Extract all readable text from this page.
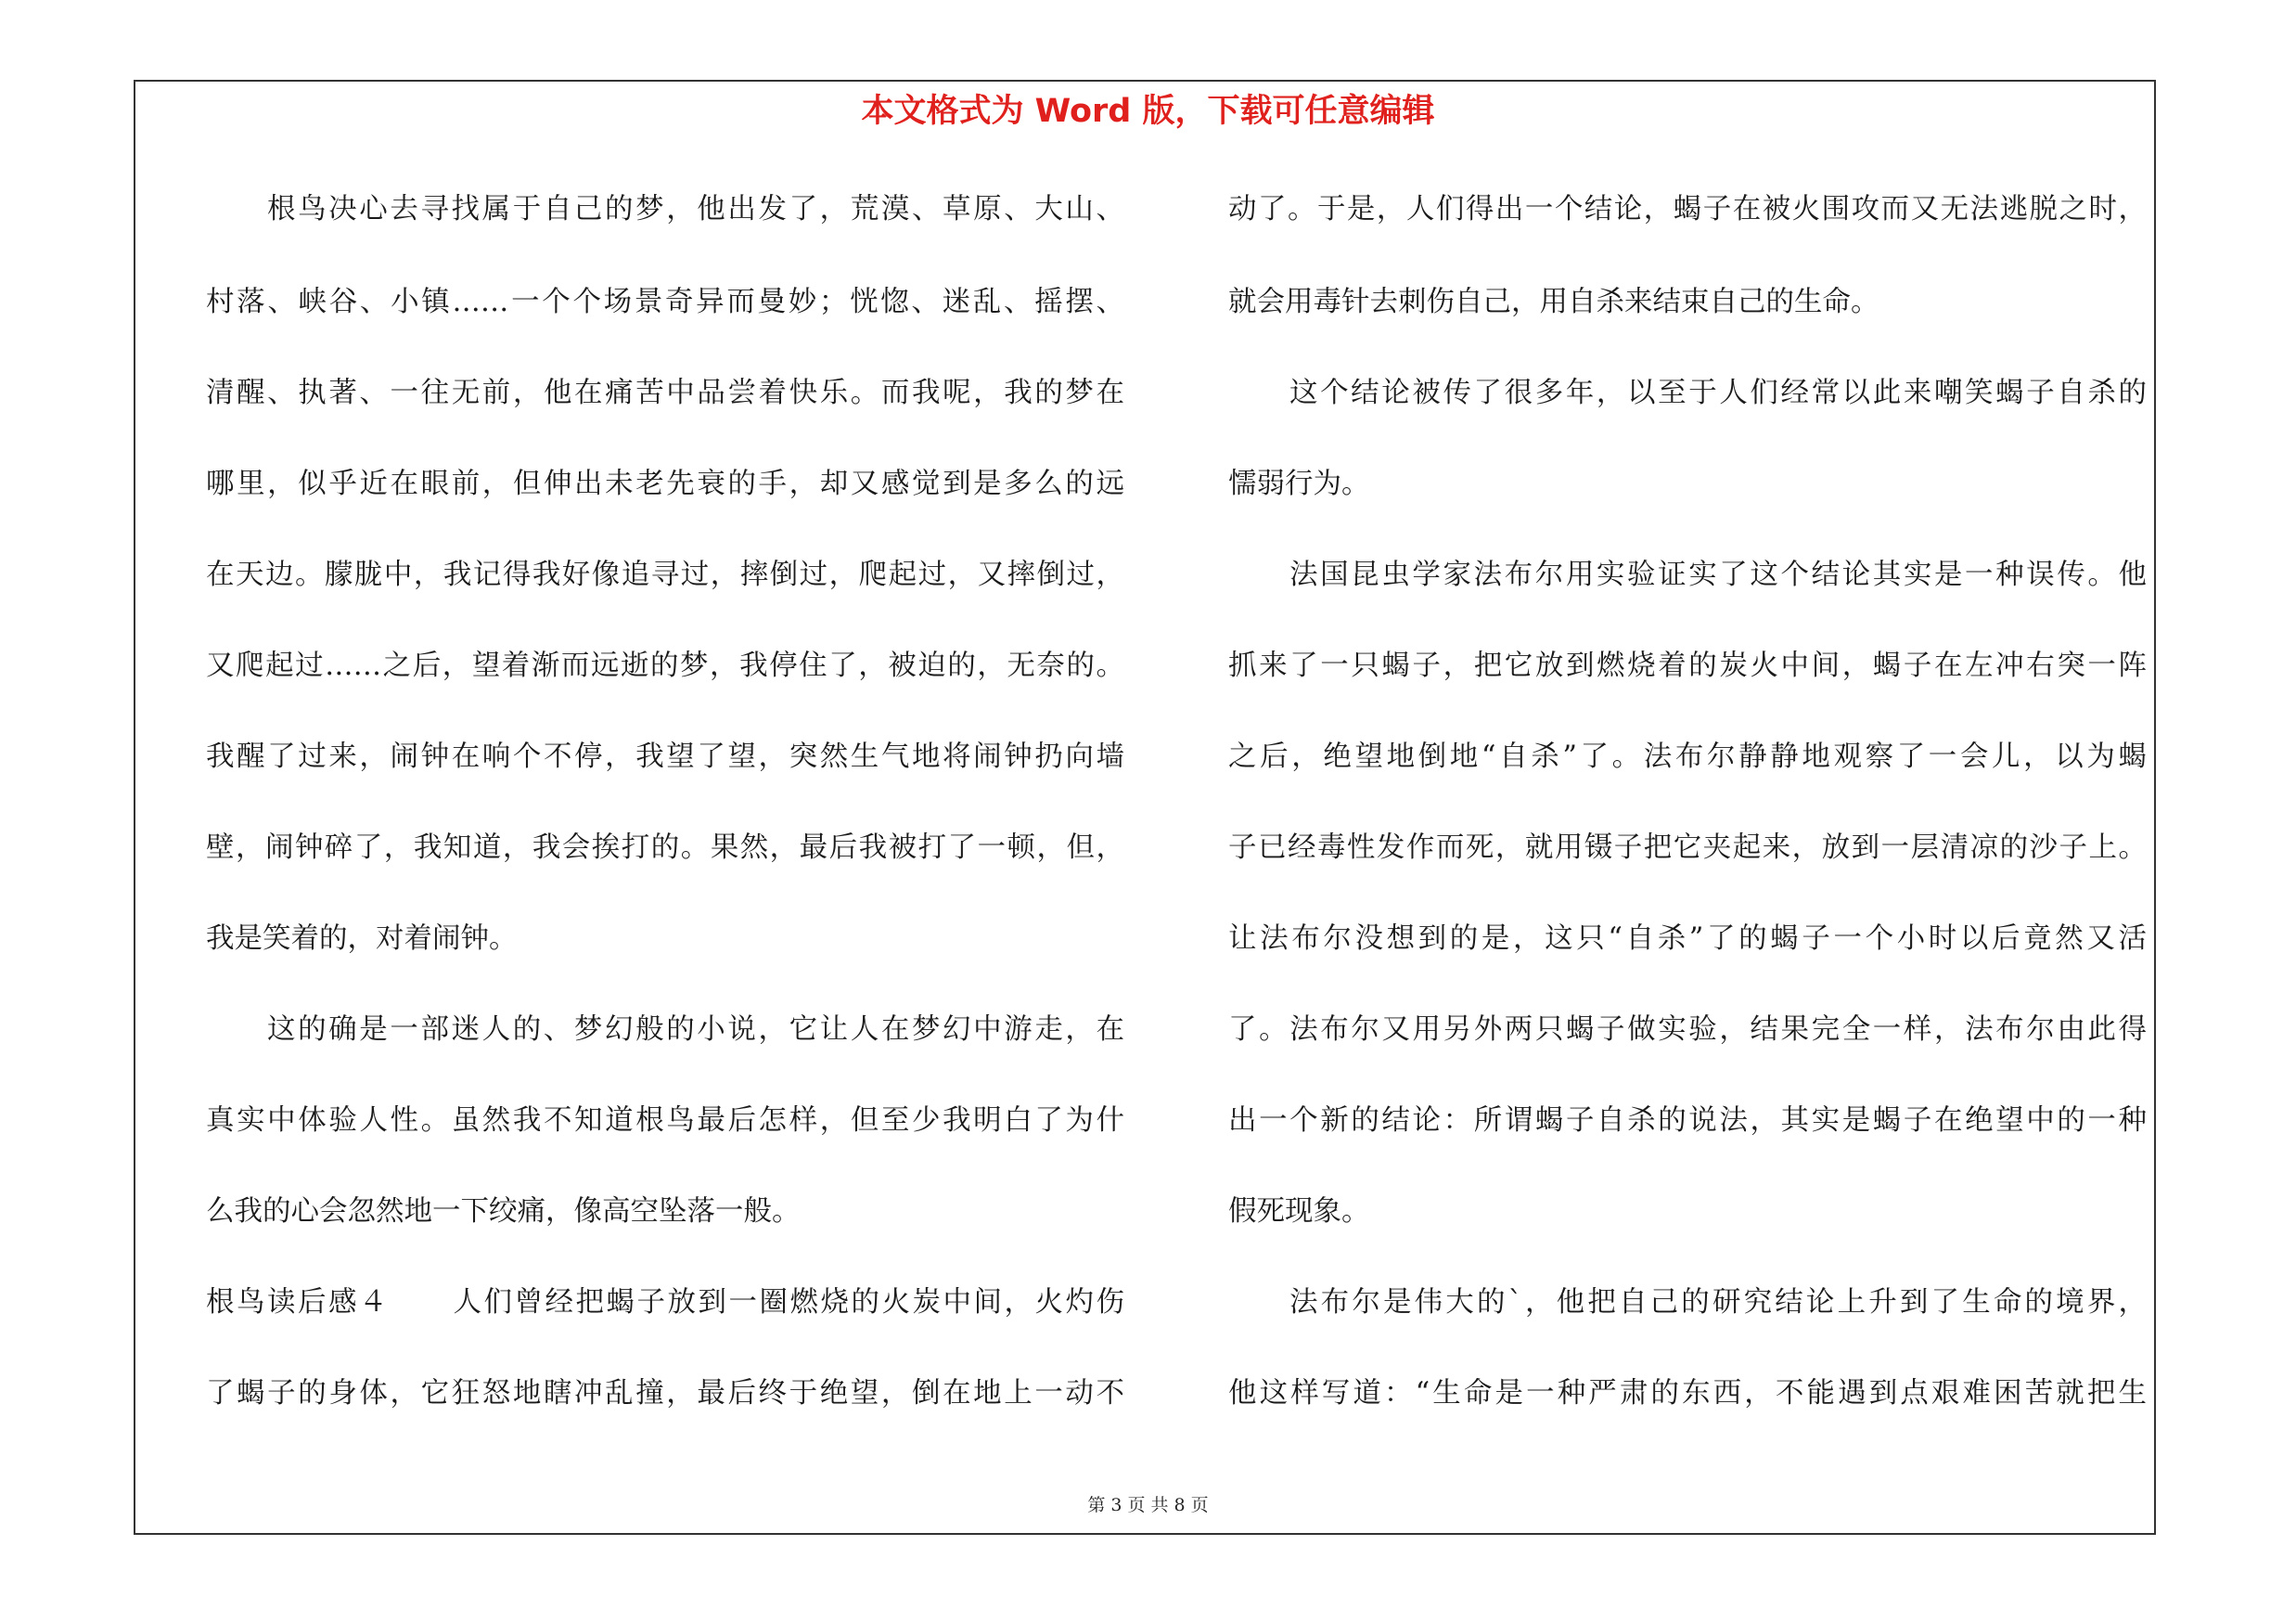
本文格式为 Word 版，下载可任意编辑
根鸟决心去寻找属于自己的梦，他出发了，荒漠、草原、大山、
村落、峡谷、小镇……一个个场景奇异而曼妙；恍惚、迷乱、摇摆、
清醒、执著、一往无前，他在痛苦中品尝着快乐。而我呢，我的梦在
哪里，似乎近在眼前，但伸出未老先衰的手，却又感觉到是多么的远
在天边。朦胧中，我记得我好像追寻过，摔倒过，爬起过，又摔倒过，
又爬起过……之后，望着渐而远逝的梦，我停住了，被迫的，无奈的。
我醒了过来，闹钟在响个不停，我望了望，突然生气地将闹钟扔向墙
壁，闹钟碎了，我知道，我会挨打的。果然，最后我被打了一顿，但，
我是笑着的，对着闹钟。
这的确是一部迷人的、梦幻般的小说，它让人在梦幻中游走，在
真实中体验人性。虽然我不知道根鸟最后怎样，但至少我明白了为什
么我的心会忽然地一下绞痛，像高空坠落一般。
根鸟读后感４ 人们曾经把蝎子放到一圈燃烧的火炭中间，火灼伤
了蝎子的身体，它狂怒地瞎冲乱撞，最后终于绝望，倒在地上一动不
动了。于是，人们得出一个结论，蝎子在被火围攻而又无法逃脱之时，
就会用毒针去刺伤自己，用自杀来结束自己的生命。
这个结论被传了很多年，以至于人们经常以此来嘲笑蝎子自杀的
懦弱行为。
法国昆虫学家法布尔用实验证实了这个结论其实是一种误传。他
抓来了一只蝎子，把它放到燃烧着的炭火中间，蝎子在左冲右突一阵
之后，绝望地倒地“自杀”了。法布尔静静地观察了一会儿，以为蝎
子已经毒性发作而死，就用镊子把它夹起来，放到一层清凉的沙子上。
让法布尔没想到的是，这只“自杀”了的蝎子一个小时以后竟然又活
了。法布尔又用另外两只蝎子做实验，结果完全一样，法布尔由此得
出一个新的结论：所谓蝎子自杀的说法，其实是蝎子在绝望中的一种
假死现象。
法布尔是伟大的`，他把自己的研究结论上升到了生命的境界，
他这样写道：“生命是一种严肃的东西，不能遇到点艰难困苦就把生
第 3 页 共 8 页
